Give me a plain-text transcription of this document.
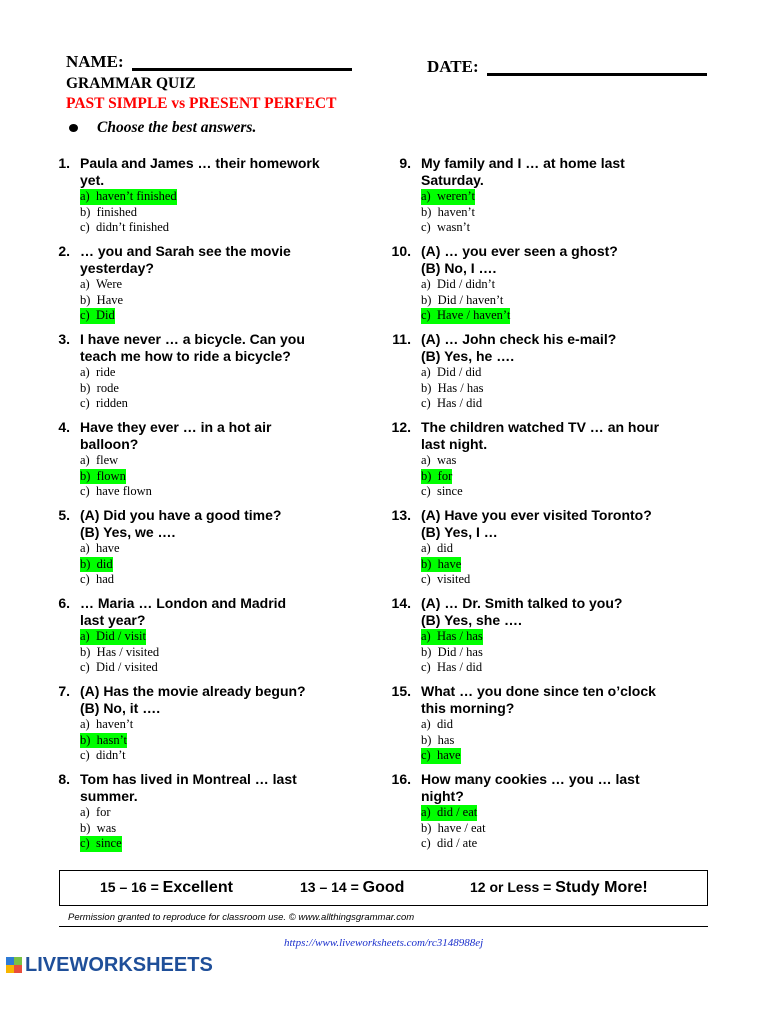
NAME:	DATE:
GRAMMAR QUIZ
PAST SIMPLE vs PRESENT PERFECT
Choose the best answers.
1. Paula and James … their homework
yet.
a) haven’t finished
b) finished
c) didn’t finished
2. … you and Sarah see the movie
yesterday?
a) Were
b) Have
c) Did
3. I have never … a bicycle. Can you
teach me how to ride a bicycle?
a) ride
b) rode
c) ridden
4. Have they ever … in a hot air
balloon?
a) flew
b) flown
c) have flown
5. (A) Did you have a good time?
(B) Yes, we ….
a) have
b) did
c) had
6. … Maria … London and Madrid
last year?
a) Did / visit
b) Has / visited
c) Did / visited
7. (A) Has the movie already begun?
(B) No, it ….
a) haven’t
b) hasn’t
c) didn’t
8. Tom has lived in Montreal … last
summer.
a) for
b) was
c) since
9. My family and I … at home last
Saturday.
a) weren’t
b) haven’t
c) wasn’t
10. (A) … you ever seen a ghost?
(B) No, I ….
a) Did / didn’t
b) Did / haven’t
c) Have / haven’t
11. (A) … John check his e-mail?
(B) Yes, he ….
a) Did / did
b) Has / has
c) Has / did
12. The children watched TV … an hour
last night.
a) was
b) for
c) since
13. (A) Have you ever visited Toronto?
(B) Yes, I …
a) did
b) have
c) visited
14. (A) … Dr. Smith talked to you?
(B) Yes, she ….
a) Has / has
b) Did / has
c) Has / did
15. What … you done since ten o’clock
this morning?
a) did
b) has
c) have
16. How many cookies … you … last
night?
a) did / eat
b) have / eat
c) did / ate
15 – 16 = Excellent	13 – 14 = Good	12 or Less = Study More!
Permission granted to reproduce for classroom use. © www.allthingsgrammar.com
https://www.liveworksheets.com/rc3148988ej
LIVEWORKSHEETS
